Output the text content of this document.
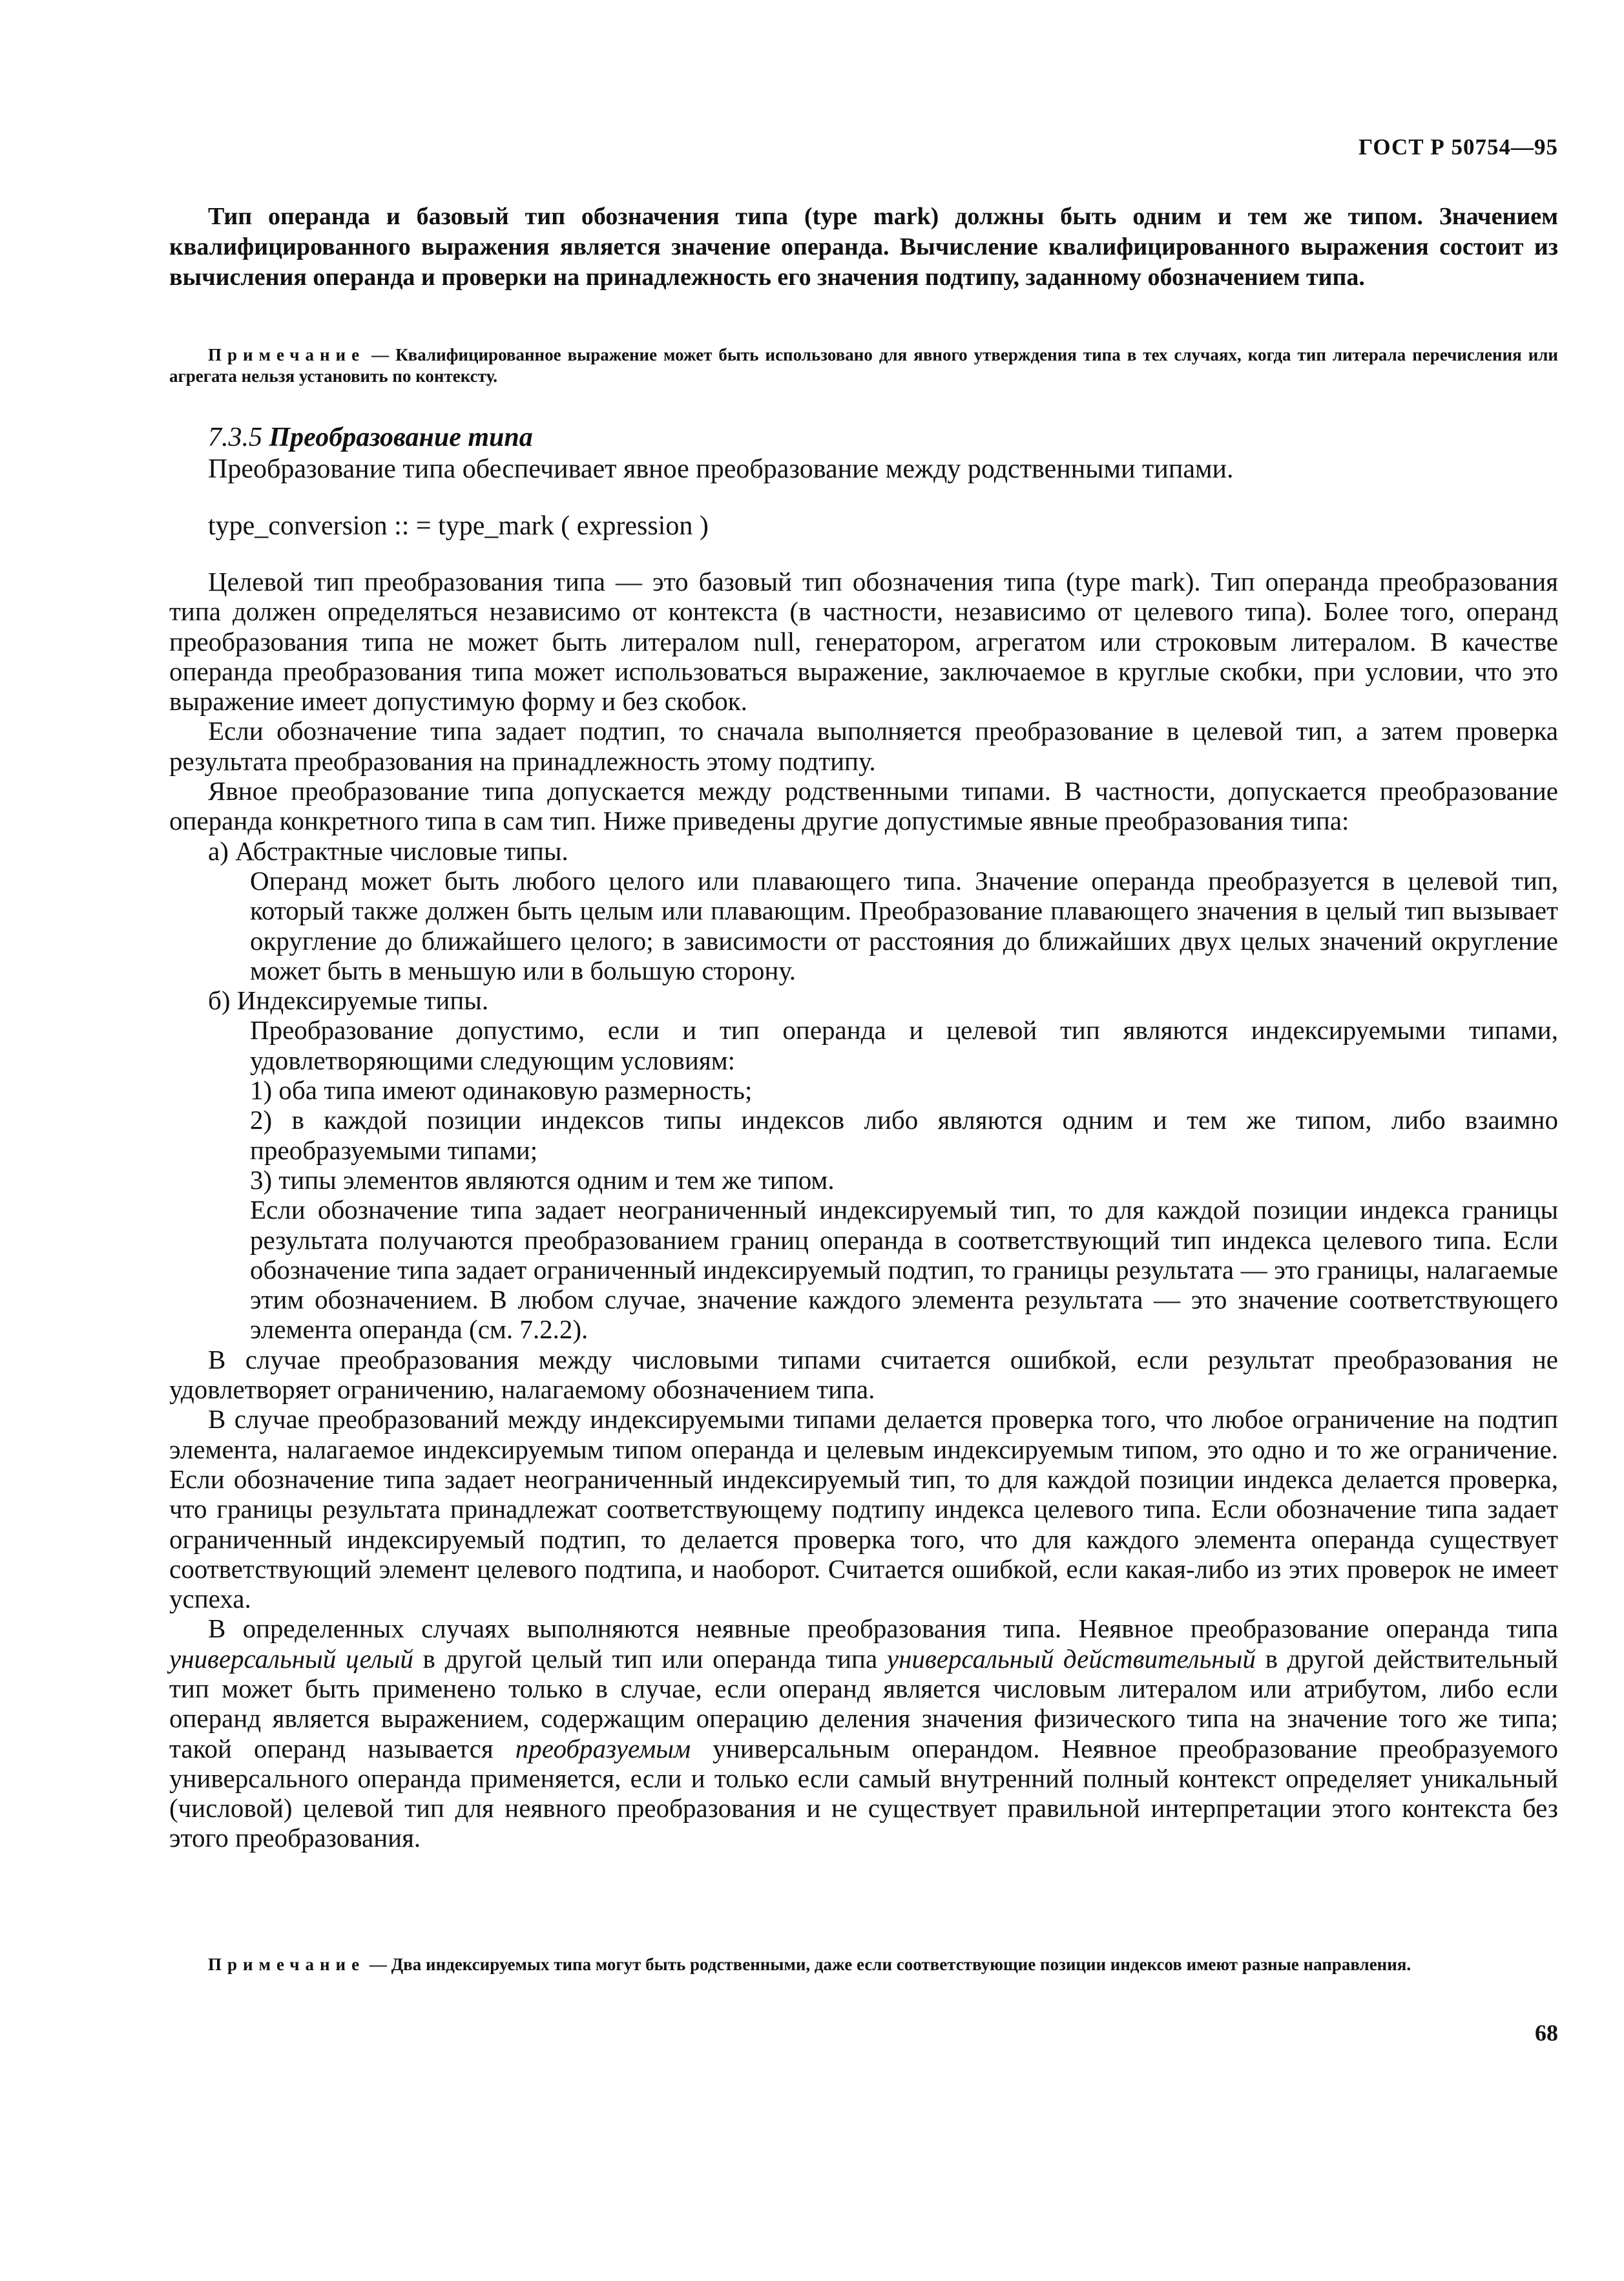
ГОСТ Р 50754—95
Тип операнда и базовый тип обозначения типа (type mark) должны быть одним и тем же типом. Значением квалифицированного выражения является значение операнда. Вычисление квалифицированного выражения состоит из вычисления операнда и проверки на принадлежность его значения подтипу, заданному обозначением типа.
Примечание — Квалифицированное выражение может быть использовано для явного утверждения типа в тех случаях, когда тип литерала перечисления или агрегата нельзя установить по контексту.
7.3.5 Преобразование типа
Преобразование типа обеспечивает явное преобразование между родственными типами.
type_conversion :: = type_mark ( expression )

Целевой тип преобразования типа — это базовый тип обозначения типа (type mark). Тип операнда преобразования типа должен определяться независимо от контекста (в частности, независимо от целевого типа). Более того, операнд преобразования типа не может быть литералом null, генератором, агрегатом или строковым литералом. В качестве операнда преобразования типа может использоваться выражение, заключаемое в круглые скобки, при условии, что это выражение имеет допустимую форму и без скобок.

Если обозначение типа задает подтип, то сначала выполняется преобразование в целевой тип, а затем проверка результата преобразования на принадлежность этому подтипу.

Явное преобразование типа допускается между родственными типами. В частности, допускается преобразование операнда конкретного типа в сам тип. Ниже приведены другие допустимые явные преобразования типа:

а) Абстрактные числовые типы.

Операнд может быть любого целого или плавающего типа. Значение операнда преобразуется в целевой тип, который также должен быть целым или плавающим. Преобразование плавающего значения в целый тип вызывает округление до ближайшего целого; в зависимости от расстояния до ближайших двух целых значений округление может быть в меньшую или в большую сторону.

б) Индексируемые типы.

Преобразование допустимо, если и тип операнда и целевой тип являются индексируемыми типами, удовлетворяющими следующим условиям:

1) оба типа имеют одинаковую размерность;

2) в каждой позиции индексов типы индексов либо являются одним и тем же типом, либо взаимно преобразуемыми типами;

3) типы элементов являются одним и тем же типом.

Если обозначение типа задает неограниченный индексируемый тип, то для каждой позиции индекса границы результата получаются преобразованием границ операнда в соответствующий тип индекса целевого типа. Если обозначение типа задает ограниченный индексируемый подтип, то границы результата — это границы, налагаемые этим обозначением. В любом случае, значение каждого элемента результата — это значение соответствующего элемента операнда (см. 7.2.2).

В случае преобразования между числовыми типами считается ошибкой, если результат преобразования не удовлетворяет ограничению, налагаемому обозначением типа.

В случае преобразований между индексируемыми типами делается проверка того, что любое ограничение на подтип элемента, налагаемое индексируемым типом операнда и целевым индексируемым типом, это одно и то же ограничение. Если обозначение типа задает неограниченный индексируемый тип, то для каждой позиции индекса делается проверка, что границы результата принадлежат соответствующему подтипу индекса целевого типа. Если обозначение типа задает ограниченный индексируемый подтип, то делается проверка того, что для каждого элемента операнда существует соответствующий элемент целевого подтипа, и наоборот. Считается ошибкой, если какая-либо из этих проверок не имеет успеха.

В определенных случаях выполняются неявные преобразования типа. Неявное преобразование операнда типа универсальный целый в другой целый тип или операнда типа универсальный действительный в другой действительный тип может быть применено только в случае, если операнд является числовым литералом или атрибутом, либо если операнд является выражением, содержащим операцию деления значения физического типа на значение того же типа; такой операнд называется преобразуемым универсальным операндом. Неявное преобразование преобразуемого универсального операнда применяется, если и только если самый внутренний полный контекст определяет уникальный (числовой) целевой тип для неявного преобразования и не существует правильной интерпретации этого контекста без этого преобразования.

Примечание — Два индексируемых типа могут быть родственными, даже если соответствующие позиции индексов имеют разные направления.
68
